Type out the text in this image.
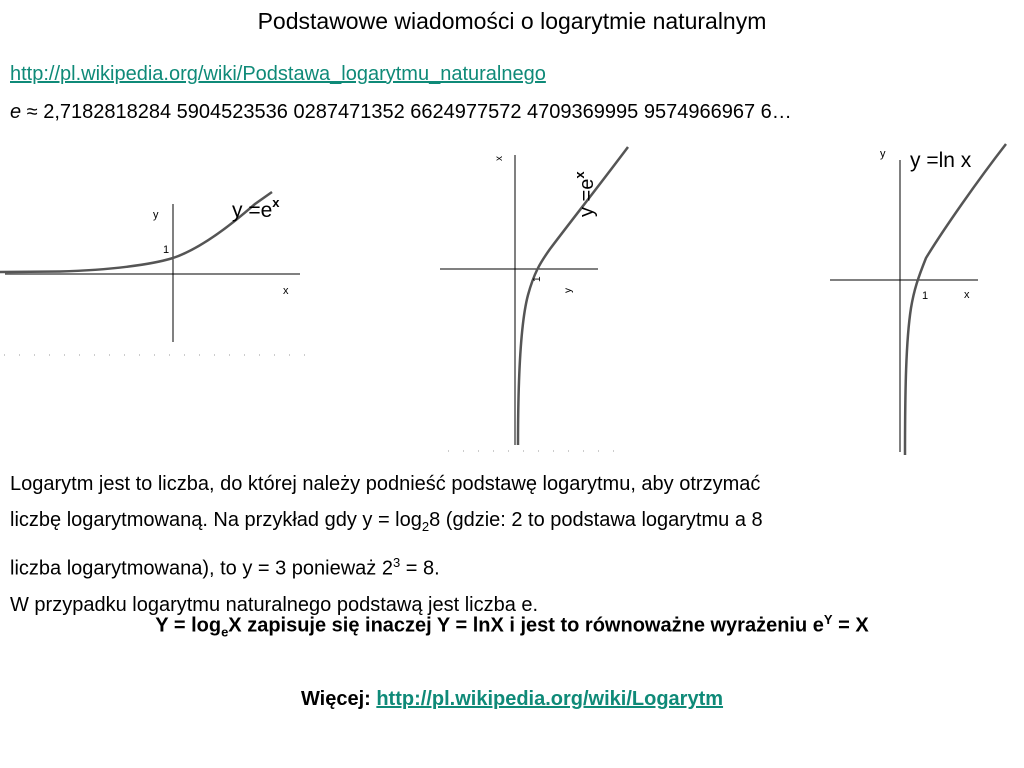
Podstawowe wiadomości o logarytmie naturalnym
http://pl.wikipedia.org/wiki/Podstawa_logarytmu_naturalnego
e ≈ 2,7182818284 5904523536 0287471352 6624977572 4709369995 9574966967 6…
y
x
1
$y =e^x$
x
y
1
$y =e^x$
y
x
1
y =ln x

Logarytm jest to liczba, do której należy podnieść podstawę logarytmu, aby otrzymać

liczbę logarytmowaną. Na przykład gdy $y = \log_28$ (gdzie: 2 to podstawa logarytmu a 8

liczba logarytmowana), to y = 3 ponieważ $2^3 = 8$.

W przypadku logarytmu naturalnego podstawą jest liczba e.

$Y = \log_eX$ zapisuje się inaczej Y = lnX i jest to równoważne wyrażeniu $e^Y = X$
Więcej: http://pl.wikipedia.org/wiki/Logarytm
